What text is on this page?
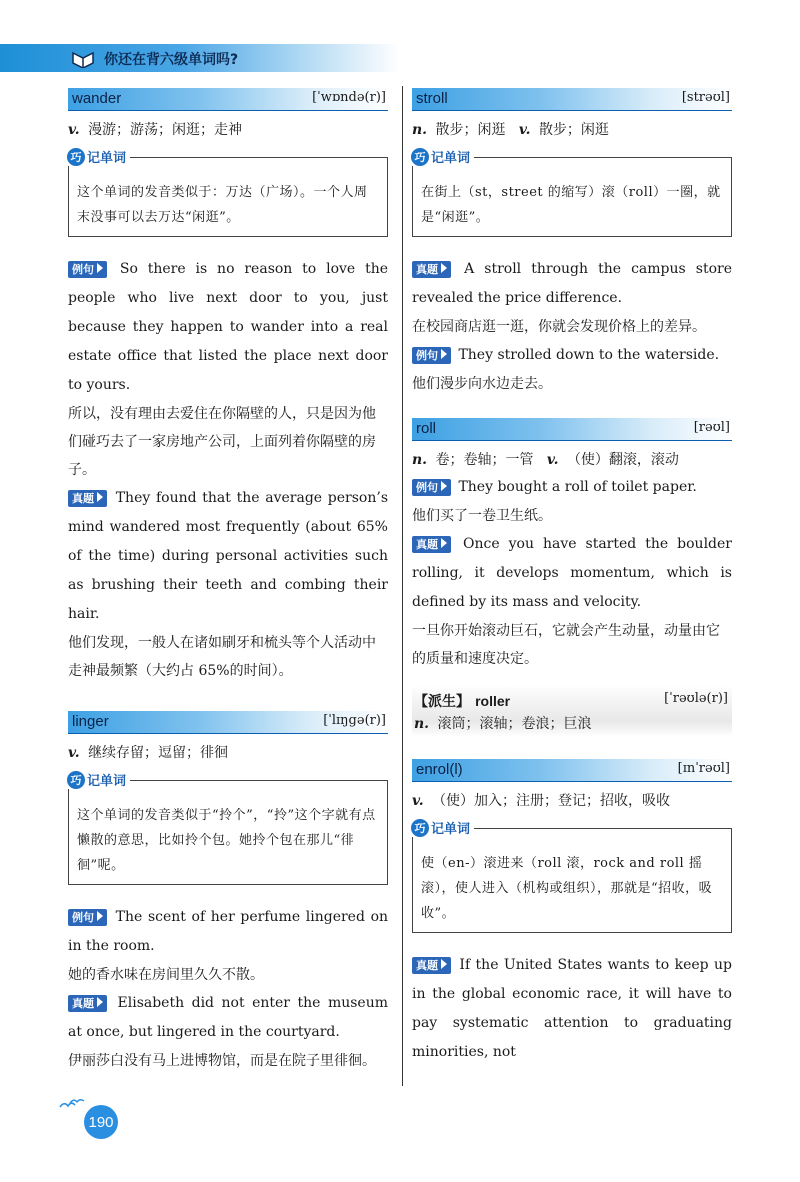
你还在背六级单词吗?
wander	[ˈwɒndə(r)]
v. 漫游；游荡；闲逛；走神
巧 记单词
这个单词的发音类似于：万达（广场）。一个人周末没事可以去万达“闲逛”。
例句 So there is no reason to love the people who live next door to you, just because they happen to wander into a real estate office that listed the place next door to yours.
所以，没有理由去爱住在你隔壁的人，只是因为他们碰巧去了一家房地产公司，上面列着你隔壁的房子。
真题 They found that the average person’s mind wandered most frequently (about 65% of the time) during personal activities such as brushing their teeth and combing their hair.
他们发现，一般人在诸如刷牙和梳头等个人活动中走神最频繁（大约占 65%的时间）。
linger	[ˈlɪŋgə(r)]
v. 继续存留；逗留；徘徊
巧 记单词
这个单词的发音类似于“拎个”，“拎”这个字就有点懒散的意思，比如拎个包。她拎个包在那儿“徘徊”呢。
例句 The scent of her perfume lingered on in the room.
她的香水味在房间里久久不散。
真题 Elisabeth did not enter the museum at once, but lingered in the courtyard.
伊丽莎白没有马上进博物馆，而是在院子里徘徊。
stroll	[strəʊl]
n. 散步；闲逛 v. 散步；闲逛
巧 记单词
在街上（st，street 的缩写）滚（roll）一圈，就是“闲逛”。
真题 A stroll through the campus store revealed the price difference.
在校园商店逛一逛，你就会发现价格上的差异。
例句 They strolled down to the waterside.
他们漫步向水边走去。
roll	[rəʊl]
n. 卷；卷轴；一管 v. （使）翻滚，滚动
例句 They bought a roll of toilet paper.
他们买了一卷卫生纸。
真题 Once you have started the boulder rolling, it develops momentum, which is defined by its mass and velocity.
一旦你开始滚动巨石，它就会产生动量，动量由它的质量和速度决定。
【派生】 roller	[ˈrəʊlə(r)]
n. 滚筒；滚轴；卷浪；巨浪
enrol(l)	[ɪnˈrəʊl]
v. （使）加入；注册；登记；招收，吸收
巧 记单词
使（en-）滚进来（roll 滚，rock and roll 摇滚），使人进入（机构或组织），那就是“招收，吸收”。
真题 If the United States wants to keep up in the global economic race, it will have to pay systematic attention to graduating minorities, not
190
